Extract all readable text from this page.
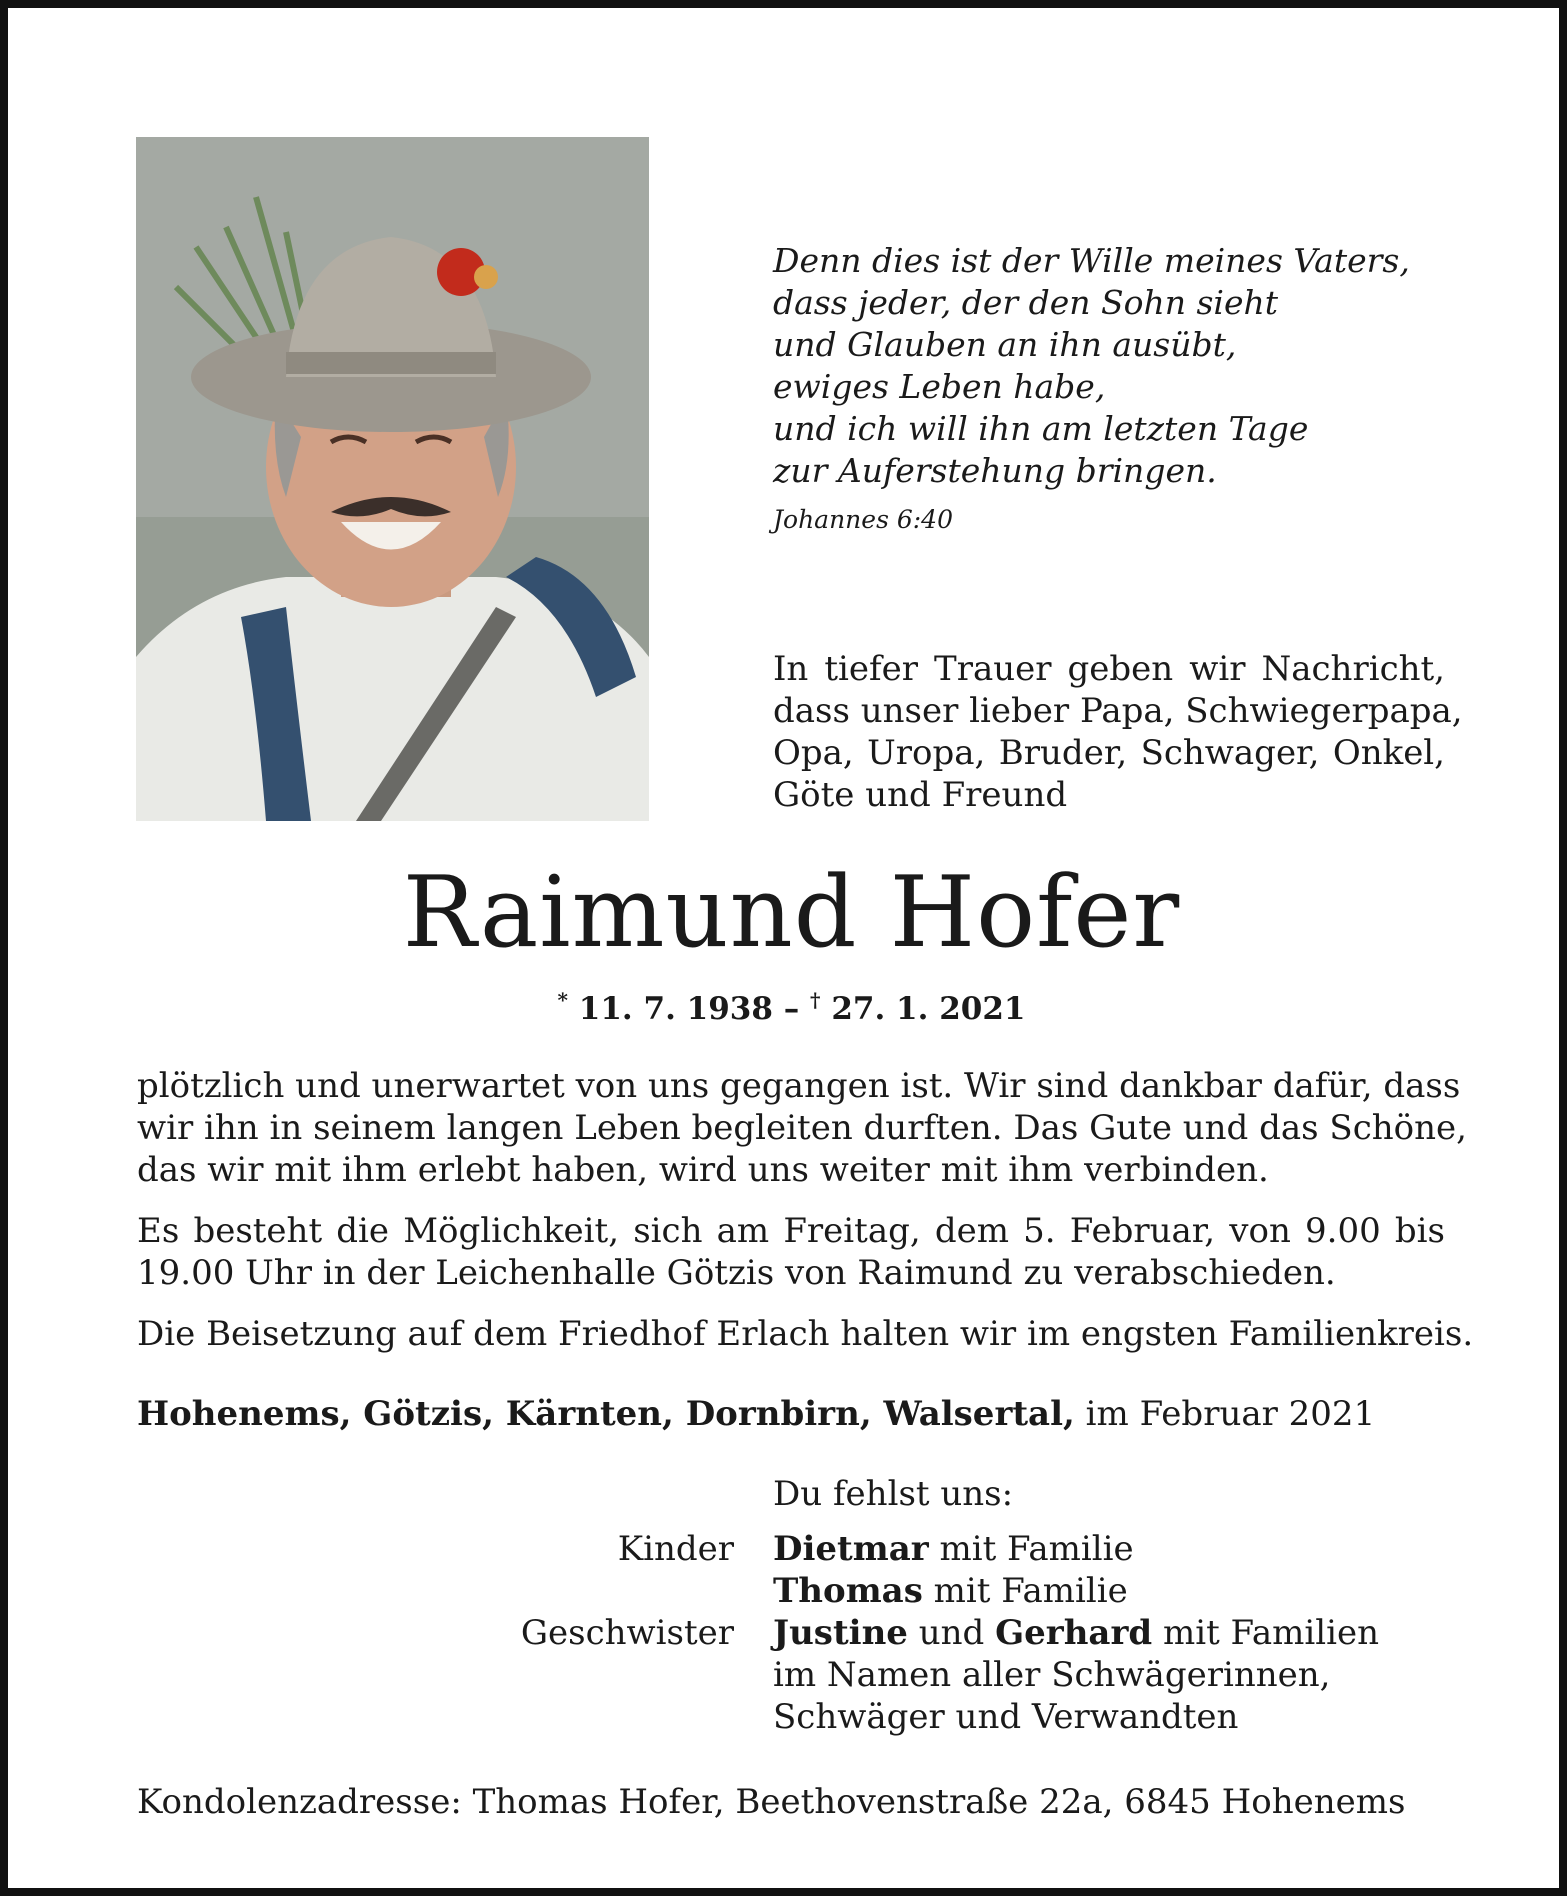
Denn dies ist der Wille meines Vaters,
dass jeder, der den Sohn sieht
und Glauben an ihn ausübt,
ewiges Leben habe,
und ich will ihn am letzten Tage
zur Auferstehung bringen.
Johannes 6:40
In tiefer Trauer geben wir Nachricht,
dass unser lieber Papa, Schwiegerpapa,
Opa, Uropa, Bruder, Schwager, Onkel,
Göte und Freund
Raimund Hofer
* 11. 7. 1938 – † 27. 1. 2021
plötzlich und unerwartet von uns gegangen ist. Wir sind dankbar dafür, dass
wir ihn in seinem langen Leben begleiten durften. Das Gute und das Schöne,
das wir mit ihm erlebt haben, wird uns weiter mit ihm verbinden.
Es besteht die Möglichkeit, sich am Freitag, dem 5. Februar, von 9.00 bis
19.00 Uhr in der Leichenhalle Götzis von Raimund zu verabschieden.
Die Beisetzung auf dem Friedhof Erlach halten wir im engsten Familienkreis.
Hohenems, Götzis, Kärnten, Dornbirn, Walsertal, im Februar 2021
Du fehlst uns:
Kinder Dietmar mit Familie
Thomas mit Familie
Geschwister Justine und Gerhard mit Familien
im Namen aller Schwägerinnen,
Schwäger und Verwandten
Kondolenzadresse: Thomas Hofer, Beethovenstraße 22a, 6845 Hohenems
